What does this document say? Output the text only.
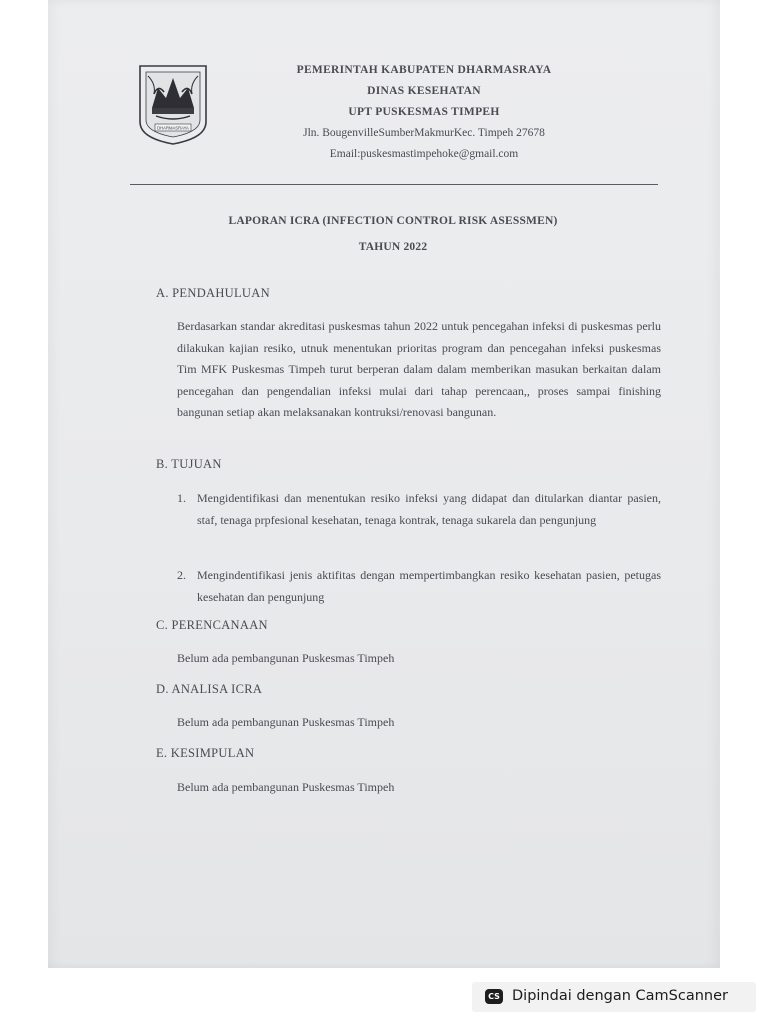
DHARMASRAYA
PEMERINTAH KABUPATEN DHARMASRAYA
DINAS KESEHATAN
UPT PUSKESMAS TIMPEH
Jln. BougenvilleSumberMakmurKec. Timpeh 27678
Email:puskesmastimpehoke@gmail.com
LAPORAN ICRA (INFECTION CONTROL RISK ASESSMEN)
TAHUN 2022
A. PENDAHULUAN
Berdasarkan standar akreditasi puskesmas tahun 2022 untuk pencegahan infeksi di puskesmas perlu dilakukan kajian resiko, utnuk menentukan prioritas program dan pencegahan infeksi puskesmas Tim MFK Puskesmas Timpeh turut berperan dalam dalam memberikan masukan berkaitan dalam pencegahan dan pengendalian infeksi mulai dari tahap perencaan,, proses sampai finishing bangunan setiap akan melaksanakan kontruksi/renovasi bangunan.
B. TUJUAN
1. Mengidentifikasi dan menentukan resiko infeksi yang didapat dan ditularkan diantar pasien, staf, tenaga prpfesional kesehatan, tenaga kontrak, tenaga sukarela dan pengunjung
2. Mengindentifikasi jenis aktifitas dengan mempertimbangkan resiko kesehatan pasien, petugas kesehatan dan pengunjung
C. PERENCANAAN
Belum ada pembangunan Puskesmas Timpeh
D. ANALISA ICRA
Belum ada pembangunan Puskesmas Timpeh
E. KESIMPULAN
Belum ada pembangunan Puskesmas Timpeh
CS Dipindai dengan CamScanner
